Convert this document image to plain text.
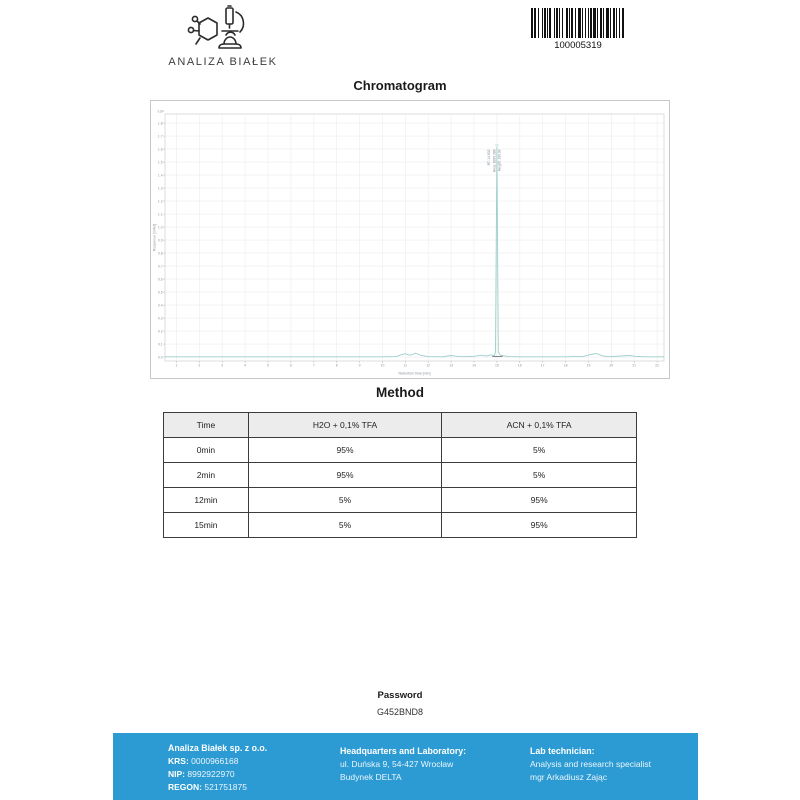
ANALIZA BIAŁEK
100005319
Chromatogram
1	2	3	4	5	6	7	8	9	10	11	12	13	14	15	16	17	18	19	20	21	22
0.0
0.1
0.2
0.3
0.4
0.5
0.6
0.7
0.8
0.9
1.0
1.1
1.2
1.3
1.4
1.5
1.6
1.7
1.8
x10¹
Retention time [min]
Response [mAU]
RT: 14.932 Area: 8290.386 Height: 160.03
Method
Time	H2O + 0,1% TFA	ACN + 0,1% TFA
0min	95%	5%
2min	95%	5%
12min	5%	95%
15min	5%	95%
Password
G452BND8
Analiza Białek sp. z o.o.
KRS: 0000966168
NIP: 8992922970
REGON: 521751875
Headquarters and Laboratory:
ul. Duńska 9, 54-427 Wrocław
Budynek DELTA
Lab technician:
Analysis and research specialist
mgr Arkadiusz Zając
